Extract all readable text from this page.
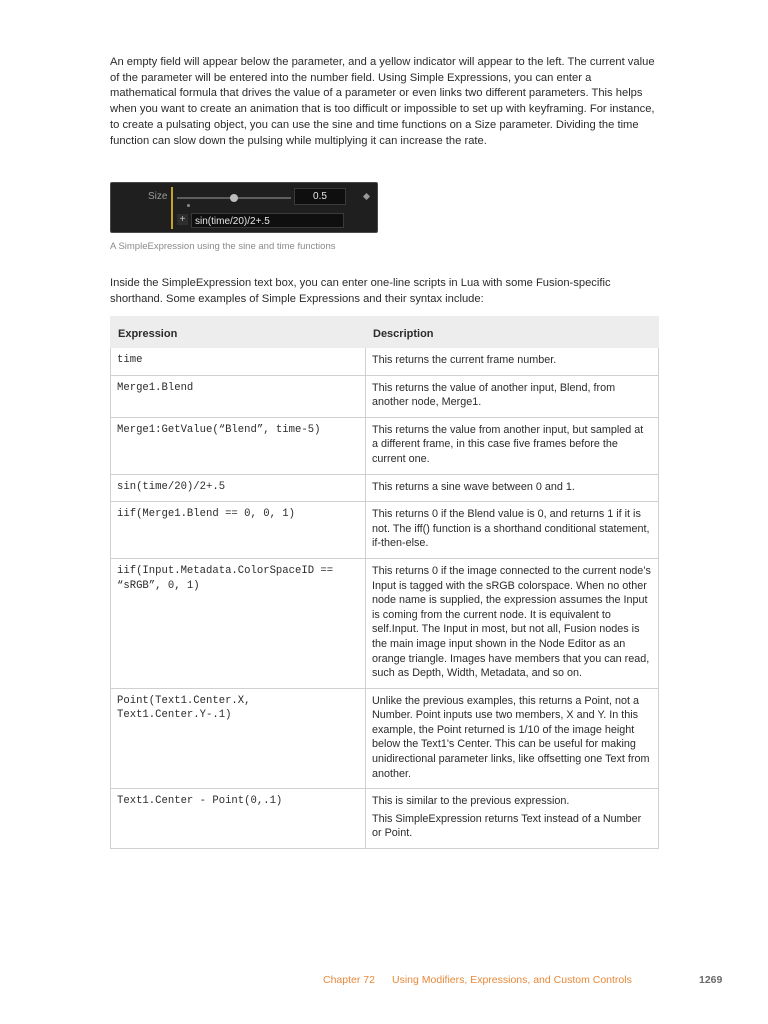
An empty field will appear below the parameter, and a yellow indicator will appear to the left. The current value of the parameter will be entered into the number field. Using Simple Expressions, you can enter a mathematical formula that drives the value of a parameter or even links two different parameters. This helps when you want to create an animation that is too difficult or impossible to set up with keyframing. For instance, to create a pulsating object, you can use the sine and time functions on a Size parameter. Dividing the time function can slow down the pulsing while multiplying it can increase the rate.

Size	0.5
+ sin(time/20)/2+.5
A SimpleExpression using the sine and time functions

Inside the SimpleExpression text box, you can enter one-line scripts in Lua with some Fusion-specific shorthand. Some examples of Simple Expressions and their syntax include:

Expression	Description
time	This returns the current frame number.

Merge1.Blend	This returns the value of another input, Blend, from another node, Merge1.

Merge1:GetValue(“Blend”, time-5)	This returns the value from another input, but sampled at a different frame, in this case five frames before the current one.

sin(time/20)/2+.5	This returns a sine wave between 0 and 1.

iif(Merge1.Blend == 0, 0, 1)	This returns 0 if the Blend value is 0, and returns 1 if it is not. The iff() function is a shorthand conditional statement, if-then-else.

iif(Input.Metadata.ColorSpaceID == “sRGB”, 0, 1)	This returns 0 if the image connected to the current node’s Input is tagged with the sRGB colorspace. When no other node name is supplied, the expression assumes the Input is coming from the current node. It is equivalent to self.Input. The Input in most, but not all, Fusion nodes is the main image input shown in the Node Editor as an orange triangle. Images have members that you can read, such as Depth, Width, Metadata, and so on.

Point(Text1.Center.X, Text1.Center.Y-.1)	Unlike the previous examples, this returns a Point, not a Number. Point inputs use two members, X and Y. In this example, the Point returned is 1/10 of the image height below the Text1's Center. This can be useful for making unidirectional parameter links, like offsetting one Text from another.

Text1.Center - Point(0,.1)	This is similar to the previous expression.

This SimpleExpression returns Text instead of a Number or Point.

Chapter 72 Using Modifiers, Expressions, and Custom Controls	1269
